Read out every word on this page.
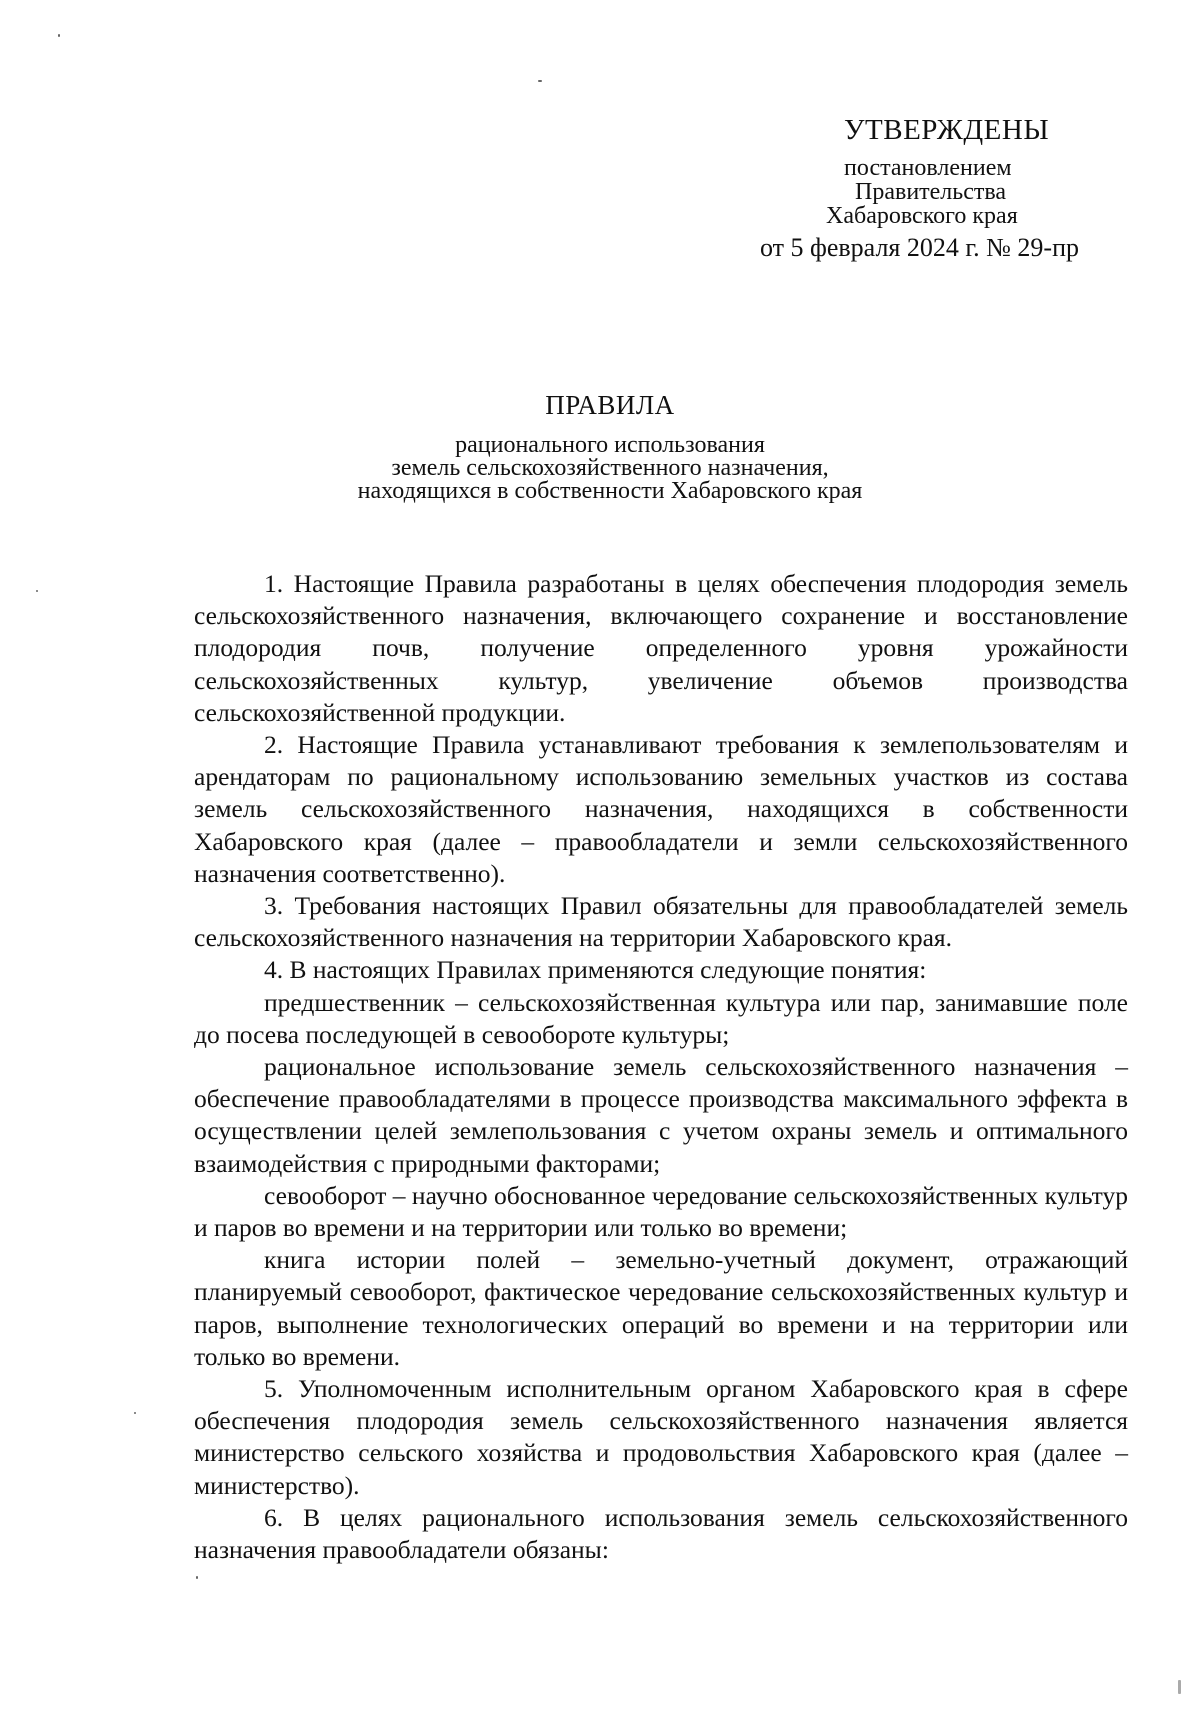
УТВЕРЖДЕНЫ
постановлением
Правительства
Хабаровского края
от 5 февраля 2024 г. № 29-пр
ПРАВИЛА
рационального использования
земель сельскохозяйственного назначения,
находящихся в собственности Хабаровского края

1. Настоящие Правила разработаны в целях обеспечения плодородия земель сельскохозяйственного назначения, включающего сохранение и восстановление плодородия почв, получение определенного уровня урожайности сельскохозяйственных культур, увеличение объемов производства сельскохозяйственной продукции.

2. Настоящие Правила устанавливают требования к землепользователям и арендаторам по рациональному использованию земельных участков из состава земель сельскохозяйственного назначения, находящихся в собственности Хабаровского края (далее – правообладатели и земли сельскохозяйственного назначения соответственно).

3. Требования настоящих Правил обязательны для правообладателей земель сельскохозяйственного назначения на территории Хабаровского края.

4. В настоящих Правилах применяются следующие понятия:

предшественник – сельскохозяйственная культура или пар, занимавшие поле до посева последующей в севообороте культуры;

рациональное использование земель сельскохозяйственного назначения – обеспечение правообладателями в процессе производства максимального эффекта в осуществлении целей землепользования с учетом охраны земель и оптимального взаимодействия с природными факторами;

севооборот – научно обоснованное чередование сельскохозяйственных культур и паров во времени и на территории или только во времени;

книга истории полей – земельно-учетный документ, отражающий планируемый севооборот, фактическое чередование сельскохозяйственных культур и паров, выполнение технологических операций во времени и на территории или только во времени.

5. Уполномоченным исполнительным органом Хабаровского края в сфере обеспечения плодородия земель сельскохозяйственного назначения является министерство сельского хозяйства и продовольствия Хабаровского края (далее – министерство).

6. В целях рационального использования земель сельскохозяйственного назначения правообладатели обязаны:
